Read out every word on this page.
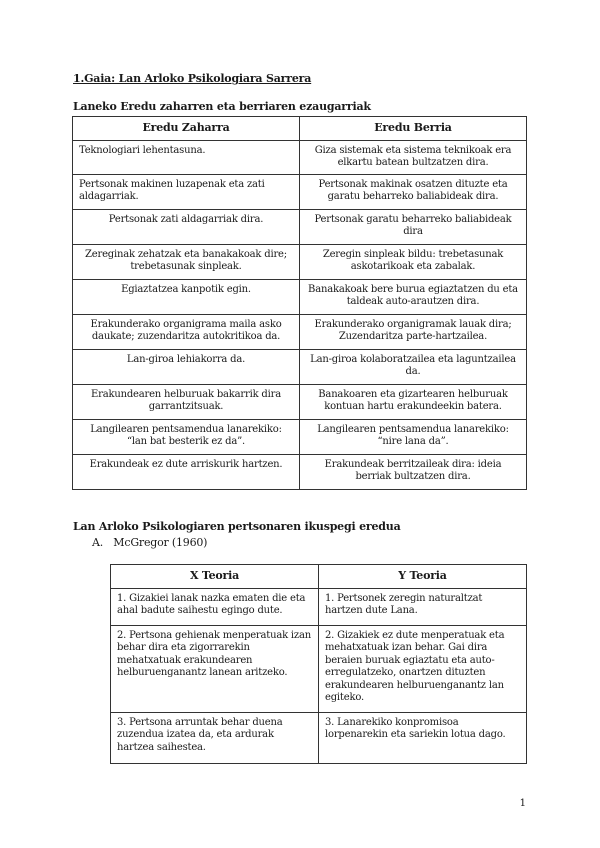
1.Gaia: Lan Arloko Psikologiara Sarrera
Laneko Eredu zaharren eta berriaren ezaugarriak
Eredu Zaharra	Eredu Berria
Teknologiari lehentasuna.	Giza sistemak eta sistema teknikoak era elkartu batean bultzatzen dira.
Pertsonak makinen luzapenak eta zati aldagarriak.	Pertsonak makinak osatzen dituzte eta garatu beharreko baliabideak dira.
Pertsonak zati aldagarriak dira.	Pertsonak garatu beharreko baliabideak dira
Zereginak zehatzak eta banakakoak dire; trebetasunak sinpleak.	Zeregin sinpleak bildu: trebetasunak askotarikoak eta zabalak.
Egiaztatzea kanpotik egin.	Banakakoak bere burua egiaztatzen du eta taldeak auto-arautzen dira.
Erakunderako organigrama maila asko daukate; zuzendaritza autokritikoa da.	Erakunderako organigramak lauak dira; Zuzendaritza parte-hartzailea.
Lan-giroa lehiakorra da.	Lan-giroa kolaboratzailea eta laguntzailea da.
Erakundearen helburuak bakarrik dira garrantzitsuak.	Banakoaren eta gizartearen helburuak kontuan hartu erakundeekin batera.
Langilearen pentsamendua lanarekiko: “lan bat besterik ez da”.	Langilearen pentsamendua lanarekiko: “nire lana da”.
Erakundeak ez dute arriskurik hartzen.	Erakundeak berritzaileak dira: ideia berriak bultzatzen dira.
Lan Arloko Psikologiaren pertsonaren ikuspegi eredua
A. McGregor (1960)
X Teoria	Y Teoria
1. Gizakiei lanak nazka ematen die eta ahal badute saihestu egingo dute.	1. Pertsonek zeregin naturaltzat hartzen dute Lana.
2. Pertsona gehienak menperatuak izan behar dira eta zigorrarekin mehatxatuak erakundearen helburuenganantz lanean aritzeko.	2. Gizakiek ez dute menperatuak eta mehatxatuak izan behar. Gai dira beraien buruak egiaztatu eta auto-erregulatzeko, onartzen dituzten erakundearen helburuenganantz lan egiteko.
3. Pertsona arruntak behar duena zuzendua izatea da, eta ardurak hartzea saihestea.	3. Lanarekiko konpromisoa lorpenarekin eta sariekin lotua dago.
1
